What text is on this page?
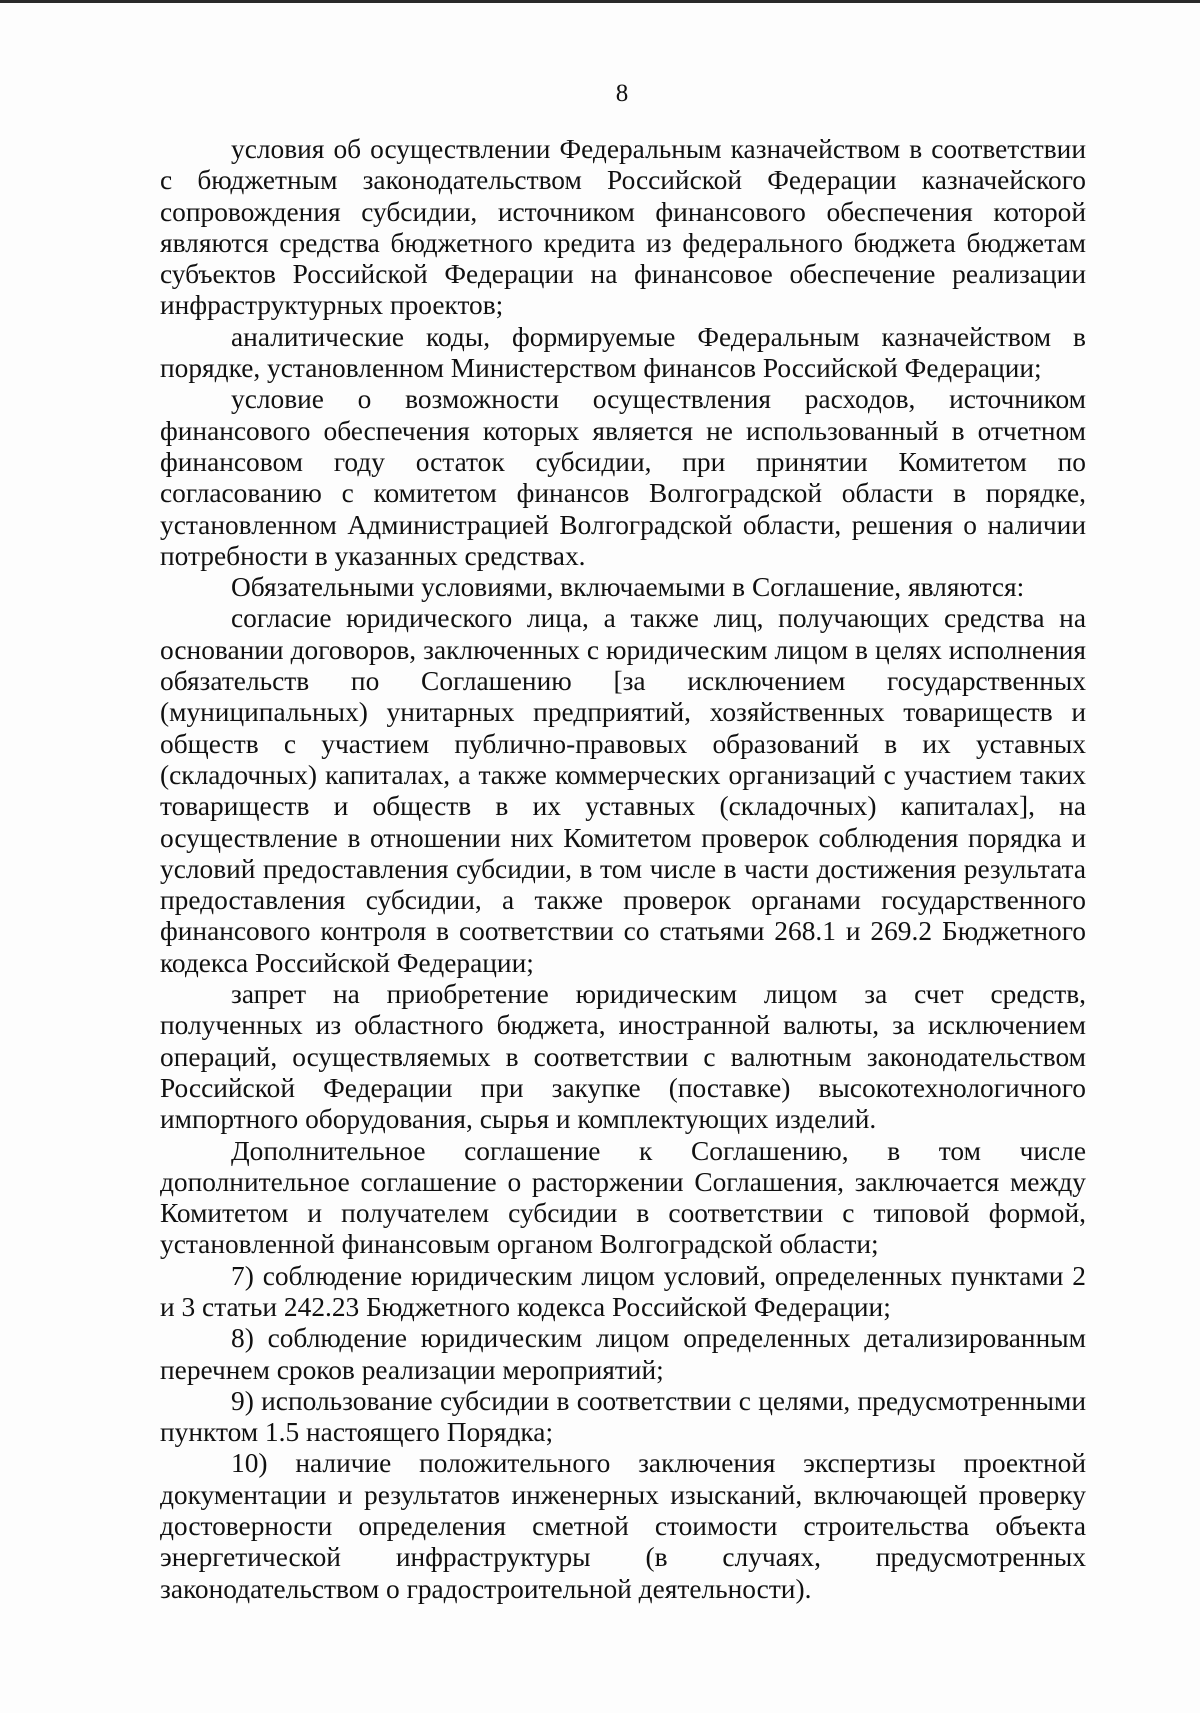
8

условия об осуществлении Федеральным казначейством в соответствии с бюджетным законодательством Российской Федерации казначейского сопровождения субсидии, источником финансового обеспечения которой являются средства бюджетного кредита из федерального бюджета бюджетам субъектов Российской Федерации на финансовое обеспечение реализации инфраструктурных проектов;

аналитические коды, формируемые Федеральным казначейством в порядке, установленном Министерством финансов Российской Федерации;

условие о возможности осуществления расходов, источником финансового обеспечения которых является не использованный в отчетном финансовом году остаток субсидии, при принятии Комитетом по согласованию с комитетом финансов Волгоградской области в порядке, установленном Администрацией Волгоградской области, решения о наличии потребности в указанных средствах.

Обязательными условиями, включаемыми в Соглашение, являются:

согласие юридического лица, а также лиц, получающих средства на основании договоров, заключенных с юридическим лицом в целях исполнения обязательств по Соглашению [за исключением государственных (муниципальных) унитарных предприятий, хозяйственных товариществ и обществ с участием публично-правовых образований в их уставных (складочных) капиталах, а также коммерческих организаций с участием таких товариществ и обществ в их уставных (складочных) капиталах], на осуществление в отношении них Комитетом проверок соблюдения порядка и условий предоставления субсидии, в том числе в части достижения результата предоставления субсидии, а также проверок органами государственного финансового контроля в соответствии со статьями 268.1 и 269.2 Бюджетного кодекса Российской Федерации;

запрет на приобретение юридическим лицом за счет средств, полученных из областного бюджета, иностранной валюты, за исключением операций, осуществляемых в соответствии с валютным законодательством Российской Федерации при закупке (поставке) высокотехнологичного импортного оборудования, сырья и комплектующих изделий.

Дополнительное соглашение к Соглашению, в том числе дополнительное соглашение о расторжении Соглашения, заключается между Комитетом и получателем субсидии в соответствии с типовой формой, установленной финансовым органом Волгоградской области;

7) соблюдение юридическим лицом условий, определенных пунктами 2 и 3 статьи 242.23 Бюджетного кодекса Российской Федерации;

8) соблюдение юридическим лицом определенных детализированным перечнем сроков реализации мероприятий;

9) использование субсидии в соответствии с целями, предусмотренными пунктом 1.5 настоящего Порядка;

10) наличие положительного заключения экспертизы проектной документации и результатов инженерных изысканий, включающей проверку достоверности определения сметной стоимости строительства объекта энергетической инфраструктуры (в случаях, предусмотренных законодательством о градостроительной деятельности).
